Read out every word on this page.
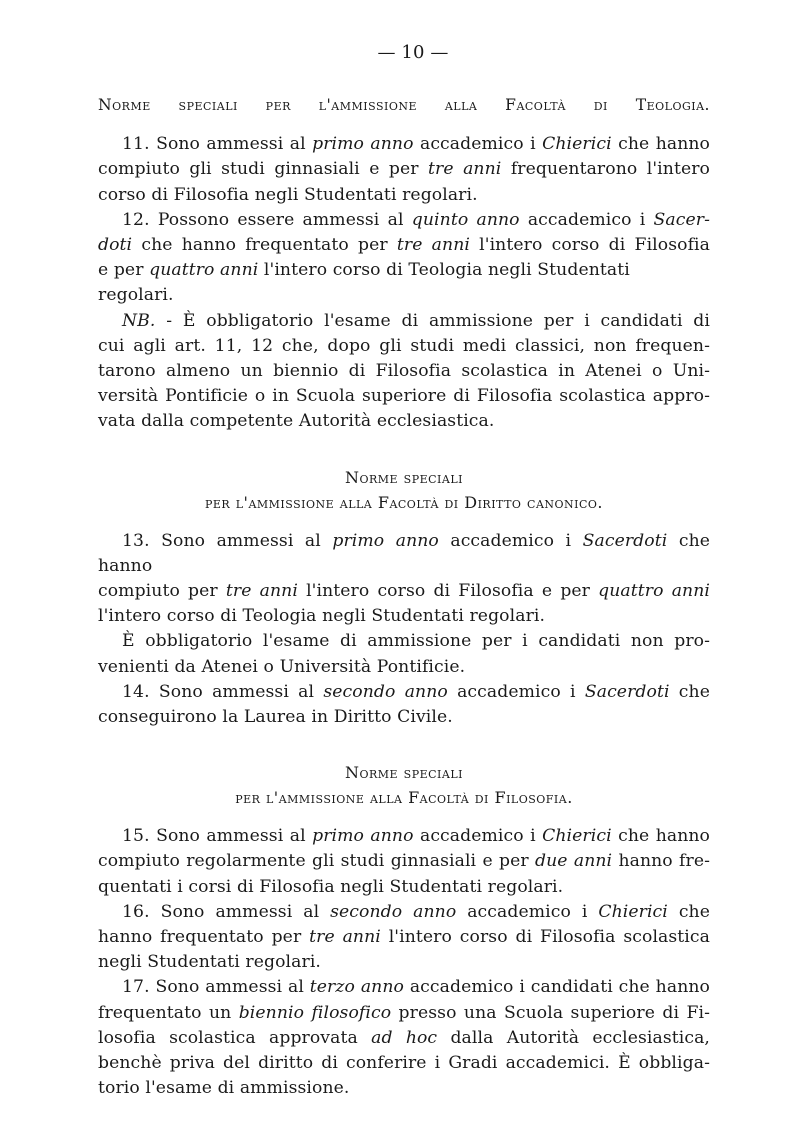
— 10 —
Norme speciali per l'ammissione alla Facoltà di Teologia.

11. Sono ammessi al primo anno accademico i Chierici che hanno
compiuto gli studi ginnasiali e per tre anni frequentarono l'intero
corso di Filosofia negli Studentati regolari.

12. Possono essere ammessi al quinto anno accademico i Sacer-
doti che hanno frequentato per tre anni l'intero corso di Filosofia
e per quattro anni l'intero corso di Teologia negli Studentati regolari.

NB. - È obbligatorio l'esame di ammissione per i candidati di
cui agli art. 11, 12 che, dopo gli studi medi classici, non frequen-
tarono almeno un biennio di Filosofia scolastica in Atenei o Uni-
versità Pontificie o in Scuola superiore di Filosofia scolastica appro-
vata dalla competente Autorità ecclesiastica.

Norme speciali
per l'ammissione alla Facoltà di Diritto canonico.

13. Sono ammessi al primo anno accademico i Sacerdoti che hanno
compiuto per tre anni l'intero corso di Filosofia e per quattro anni
l'intero corso di Teologia negli Studentati regolari.

È obbligatorio l'esame di ammissione per i candidati non pro-
venienti da Atenei o Università Pontificie.

14. Sono ammessi al secondo anno accademico i Sacerdoti che
conseguirono la Laurea in Diritto Civile.

Norme speciali
per l'ammissione alla Facoltà di Filosofia.

15. Sono ammessi al primo anno accademico i Chierici che hanno
compiuto regolarmente gli studi ginnasiali e per due anni hanno fre-
quentati i corsi di Filosofia negli Studentati regolari.

16. Sono ammessi al secondo anno accademico i Chierici che
hanno frequentato per tre anni l'intero corso di Filosofia scolastica
negli Studentati regolari.

17. Sono ammessi al terzo anno accademico i candidati che hanno
frequentato un biennio filosofico presso una Scuola superiore di Fi-
losofia scolastica approvata ad hoc dalla Autorità ecclesiastica,
benchè priva del diritto di conferire i Gradi accademici. È obbliga-
torio l'esame di ammissione.
